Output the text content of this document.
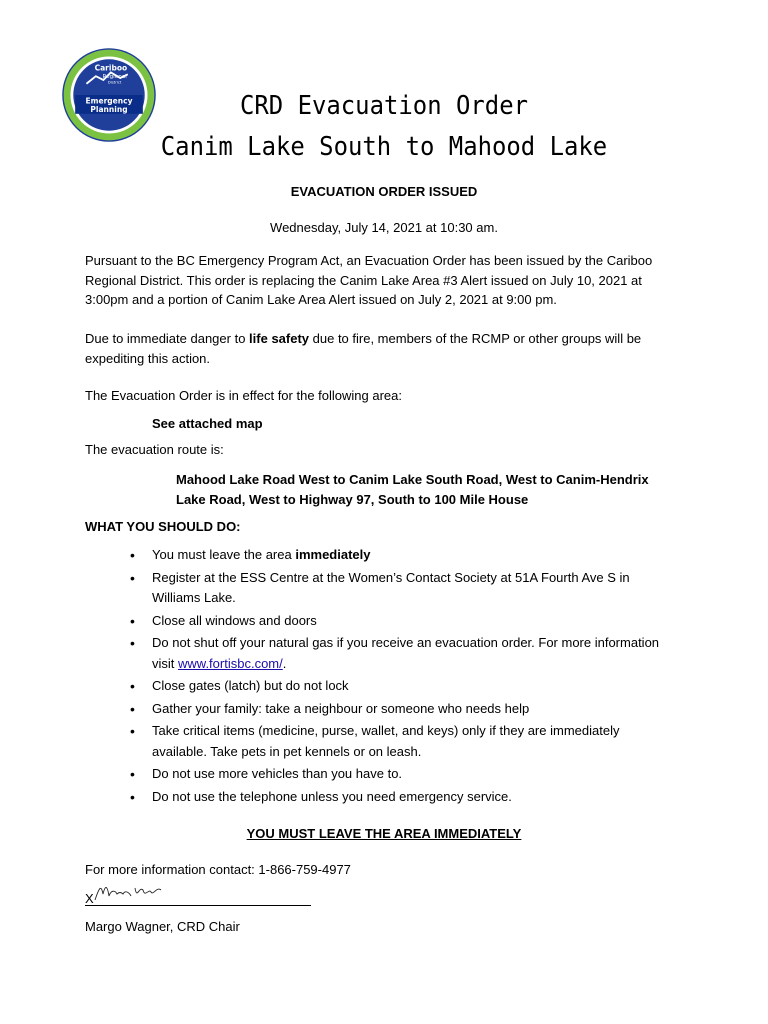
Cariboo
Regional
District
Emergency
Planning	CRD Evacuation Order
Canim Lake South to Mahood Lake
EVACUATION ORDER ISSUED
Wednesday, July 14, 2021 at 10:30 am.
Pursuant to the BC Emergency Program Act, an Evacuation Order has been issued by the Cariboo Regional District. This order is replacing the Canim Lake Area #3 Alert issued on July 10, 2021 at 3:00pm and a portion of Canim Lake Area Alert issued on July 2, 2021 at 9:00 pm.
Due to immediate danger to life safety due to fire, members of the RCMP or other groups will be expediting this action.
The Evacuation Order is in effect for the following area:
See attached map
The evacuation route is:
Mahood Lake Road West to Canim Lake South Road, West to Canim-Hendrix Lake Road, West to Highway 97, South to 100 Mile House
WHAT YOU SHOULD DO:
• You must leave the area immediately
• Register at the ESS Centre at the Women’s Contact Society at 51A Fourth Ave S in Williams Lake.
• Close all windows and doors
• Do not shut off your natural gas if you receive an evacuation order. For more information visit www.fortisbc.com/.
• Close gates (latch) but do not lock
• Gather your family: take a neighbour or someone who needs help
• Take critical items (medicine, purse, wallet, and keys) only if they are immediately available. Take pets in pet kennels or on leash.
• Do not use more vehicles than you have to.
• Do not use the telephone unless you need emergency service.
YOU MUST LEAVE THE AREA IMMEDIATELY
For more information contact: 1-866-759-4977
X
Margo Wagner, CRD Chair
